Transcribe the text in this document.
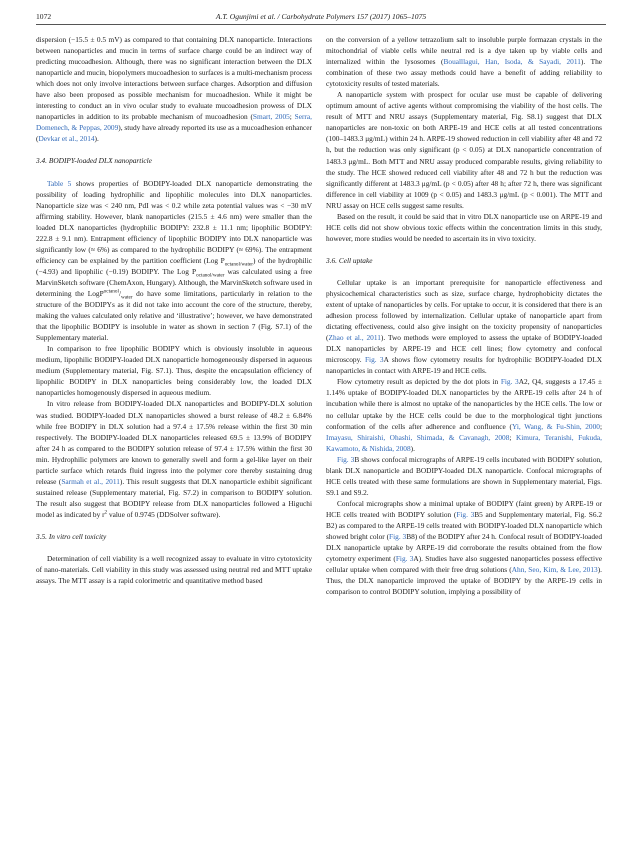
1072	A.T. Ogunjimi et al. / Carbohydrate Polymers 157 (2017) 1065–1075

dispersion (−15.5 ± 0.5 mV) as compared to that containing DLX nanoparticle. Interactions between nanoparticles and mucin in terms of surface charge could be an indirect way of predicting mucoadhesion. Although, there was no significant interaction between the DLX nanoparticle and mucin, biopolymers mucoadhesion to surfaces is a multi-mechanism process which does not only involve interactions between surface charges. Adsorption and diffusion have also been proposed as possible mechanism for mucoadhesion. While it might be interesting to conduct an in vivo ocular study to evaluate mucoadhesion prowess of DLX nanoparticles in addition to its probable mechanism of mucoadhesion (Smart, 2005; Serra, Domenech, & Peppas, 2009), study have already reported its use as a mucoadhesion enhancer (Devkar et al., 2014).

3.4. BODIPY-loaded DLX nanoparticle

Table 5 shows properties of BODIPY-loaded DLX nanoparticle demonstrating the possibility of loading hydrophilic and lipophilic molecules into DLX nanoparticles. Nanoparticle size was < 240 nm, PdI was < 0.2 while zeta potential values was < −30 mV affirming stability. However, blank nanoparticles (215.5 ± 4.6 nm) were smaller than the loaded DLX nanoparticles (hydrophilic BODIPY: 232.8 ± 11.1 nm; lipophilic BODIPY: 222.8 ± 9.1 nm). Entrapment efficiency of lipophilic BODIPY into DLX nanoparticle was significantly low (≈ 6%) as compared to the hydrophilic BODIPY (≈ 69%). The entrapment efficiency can be explained by the partition coefficient (Log $P_{octanol/water}$) of the hydrophilic (−4.93) and lipophilic (−0.19) BODIPY. The Log $P_{octanol/water}$ was calculated using a free MarvinSketch software (ChemAxon, Hungary). Although, the MarvinSketch software used in determining the $LogP^{octanol}/_{water}$ do have some limitations, particularly in relation to the structure of the BODIPYs as it did not take into account the core of the structure, thereby, making the values calculated only relative and ‘illustrative’; however, we have demonstrated that the lipophilic BODIPY is insoluble in water as shown in section 7 (Fig. S7.1) of the Supplementary material.

In comparison to free lipophilic BODIPY which is obviously insoluble in aqueous medium, lipophilic BODIPY-loaded DLX nanoparticle homogeneously dispersed in aqueous medium (Supplementary material, Fig. S7.1). Thus, despite the encapsulation efficiency of lipophilic BODIPY in DLX nanoparticles being considerably low, the loaded DLX nanoparticles homogenously dispersed in aqueous medium.

In vitro release from BODIPY-loaded DLX nanoparticles and BODIPY-DLX solution was studied. BODIPY-loaded DLX nanoparticles showed a burst release of 48.2 ± 6.84% while free BODIPY in DLX solution had a 97.4 ± 17.5% release within the first 30 min respectively. The BODIPY-loaded DLX nanoparticles released 69.5 ± 13.9% of BODIPY after 24 h as compared to the BODIPY solution release of 97.4 ± 17.5% within the first 30 min. Hydrophilic polymers are known to generally swell and form a gel-like layer on their particle surface which retards fluid ingress into the polymer core thereby sustaining drug release (Sarmah et al., 2011). This result suggests that DLX nanoparticle exhibit significant sustained release (Supplementary material, Fig. S7.2) in comparison to BODIPY solution. The result also suggest that BODIPY release from DLX nanoparticles followed a Higuchi model as indicated by $r^2$ value of 0.9745 (DDSolver software).

3.5. In vitro cell toxicity

Determination of cell viability is a well recognized assay to evaluate in vitro cytotoxicity of nano-materials. Cell viability in this study was assessed using neutral red and MTT uptake assays. The MTT assay is a rapid colorimetric and quantitative method based

on the conversion of a yellow tetrazolium salt to insoluble purple formazan crystals in the mitochondrial of viable cells while neutral red is a dye taken up by viable cells and internalized within the lysosomes (Boualllagui, Han, Isoda, & Sayadi, 2011). The combination of these two assay methods could have a benefit of adding reliability to cytotoxicity results of tested materials.

A nanoparticle system with prospect for ocular use must be capable of delivering optimum amount of active agents without compromising the viability of the host cells. The result of MTT and NRU assays (Supplementary material, Fig. S8.1) suggest that DLX nanoparticles are non-toxic on both ARPE-19 and HCE cells at all tested concentrations (100–1483.3 μg/mL) within 24 h. ARPE-19 showed reduction in cell viability after 48 and 72 h, but the reduction was only significant (p < 0.05) at DLX nanoparticle concentration of 1483.3 μg/mL. Both MTT and NRU assay produced comparable results, giving reliability to the study. The HCE showed reduced cell viability after 48 and 72 h but the reduction was significantly different at 1483.3 μg/mL (p < 0.05) after 48 h; after 72 h, there was significant difference in cell viability at 1009 (p < 0.05) and 1483.3 μg/mL (p < 0.001). The MTT and NRU assay on HCE cells suggest same results.

Based on the result, it could be said that in vitro DLX nanoparticle use on ARPE-19 and HCE cells did not show obvious toxic effects within the concentration limits in this study, however, more studies would be needed to ascertain its in vivo toxicity.

3.6. Cell uptake

Cellular uptake is an important prerequisite for nanoparticle effectiveness and physicochemical characteristics such as size, surface charge, hydrophobicity dictates the extent of uptake of nanoparticles by cells. For uptake to occur, it is considered that there is an adhesion process followed by internalization. Cellular uptake of nanoparticle apart from dictating effectiveness, could also give insight on the toxicity propensity of nanoparticles (Zhao et al., 2011). Two methods were employed to assess the uptake of BODIPY-loaded DLX nanoparticles by ARPE-19 and HCE cell lines; flow cytometry and confocal microscopy. Fig. 3A shows flow cytometry results for hydrophilic BODIPY-loaded DLX nanoparticles in contact with ARPE-19 and HCE cells.

Flow cytometry result as depicted by the dot plots in Fig. 3A2, Q4, suggests a 17.45 ± 1.14% uptake of BODIPY-loaded DLX nanoparticles by the ARPE-19 cells after 24 h of incubation while there is almost no uptake of the nanoparticles by the HCE cells. The low or no cellular uptake by the HCE cells could be due to the morphological tight junctions conformation of the cells after adherence and confluence (Yi, Wang, & Fu-Shin, 2000; Imayasu, Shiraishi, Ohashi, Shimada, & Cavanagh, 2008; Kimura, Teranishi, Fukuda, Kawamoto, & Nishida, 2008).

Fig. 3B shows confocal micrographs of ARPE-19 cells incubated with BODIPY solution, blank DLX nanoparticle and BODIPY-loaded DLX nanoparticle. Confocal micrographs of HCE cells treated with these same formulations are shown in Supplementary material, Figs. S9.1 and S9.2.

Confocal micrographs show a minimal uptake of BODIPY (faint green) by ARPE-19 or HCE cells treated with BODIPY solution (Fig. 3B5 and Supplementary material, Fig. S6.2 B2) as compared to the ARPE-19 cells treated with BODIPY-loaded DLX nanoparticle which showed bright color (Fig. 3B8) of the BODIPY after 24 h. Confocal result of BODIPY-loaded DLX nanoparticle uptake by ARPE-19 did corroborate the results obtained from the flow cytometry experiment (Fig. 3A). Studies have also suggested nanoparticles possess effective cellular uptake when compared with their free drug solutions (Ahn, Seo, Kim, & Lee, 2013). Thus, the DLX nanoparticle improved the uptake of BODIPY by the ARPE-19 cells in comparison to control BODIPY solution, implying a possibility of
